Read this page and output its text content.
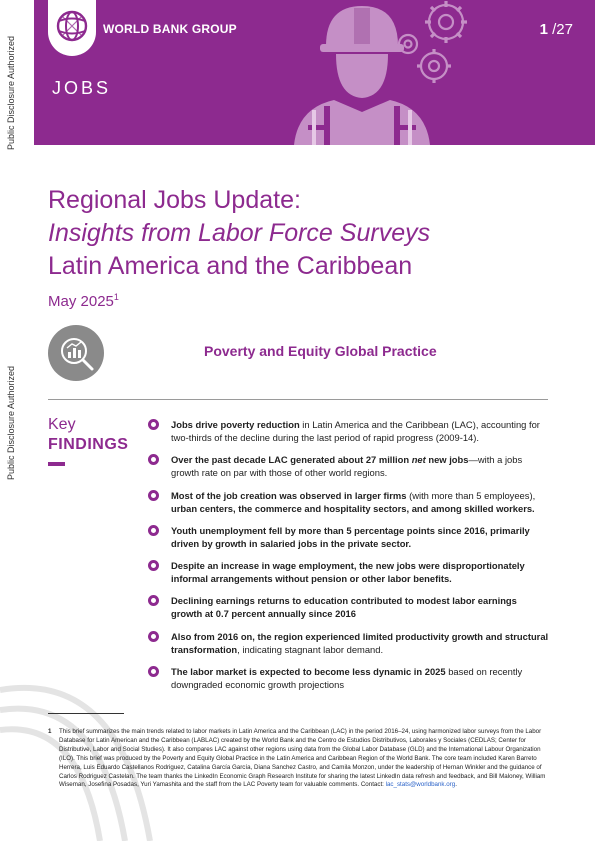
Public Disclosure Authorized
Public Disclosure Authorized
WORLD BANK GROUP
JOBS
1 /27
Regional Jobs Update:
Insights from Labor Force Surveys
Latin America and the Caribbean
May 2025$^1$
Poverty and Equity Global Practice
Key
FINDINGS
Jobs drive poverty reduction in Latin America and the Caribbean (LAC), accounting for two-thirds of the decline during the last period of rapid progress (2009-14).
Over the past decade LAC generated about 27 million net new jobs—with a jobs growth rate on par with those of other world regions.
Most of the job creation was observed in larger firms (with more than 5 employees), urban centers, the commerce and hospitality sectors, and among skilled workers.
Youth unemployment fell by more than 5 percentage points since 2016, primarily driven by growth in salaried jobs in the private sector.
Despite an increase in wage employment, the new jobs were disproportionately informal arrangements without pension or other labor benefits.
Declining earnings returns to education contributed to modest labor earnings growth at 0.7 percent annually since 2016
Also from 2016 on, the region experienced limited productivity growth and structural transformation, indicating stagnant labor demand.
The labor market is expected to become less dynamic in 2025 based on recently downgraded economic growth projections
1	This brief summarizes the main trends related to labor markets in Latin America and the Caribbean (LAC) in the period 2016–24, using harmonized labor surveys from the Labor Database for Latin American and the Caribbean (LABLAC) created by the World Bank and the Centro de Estudios Distributivos, Laborales y Sociales (CEDLAS; Center for Distributive, Labor and Social Studies). It also compares LAC against other regions using data from the Global Labor Database (GLD) and the International Labour Organization (ILO). This brief was produced by the Poverty and Equity Global Practice in the Latin America and Caribbean Region of the World Bank. The core team included Karen Barreto Herrera, Luis Eduardo Castellanos Rodriguez, Catalina García García, Diana Sanchez Castro, and Camila Monzon, under the leadership of Hernan Winkler and the guidance of Carlos Rodriguez Castelan. The team thanks the LinkedIn Economic Graph Research Institute for sharing the latest LinkedIn data refresh and feedback, and Bill Maloney, William Wiseman, Josefina Posadas, Yuri Yamashita and the staff from the LAC Poverty team for valuable comments. Contact: lac_stats@worldbank.org.
